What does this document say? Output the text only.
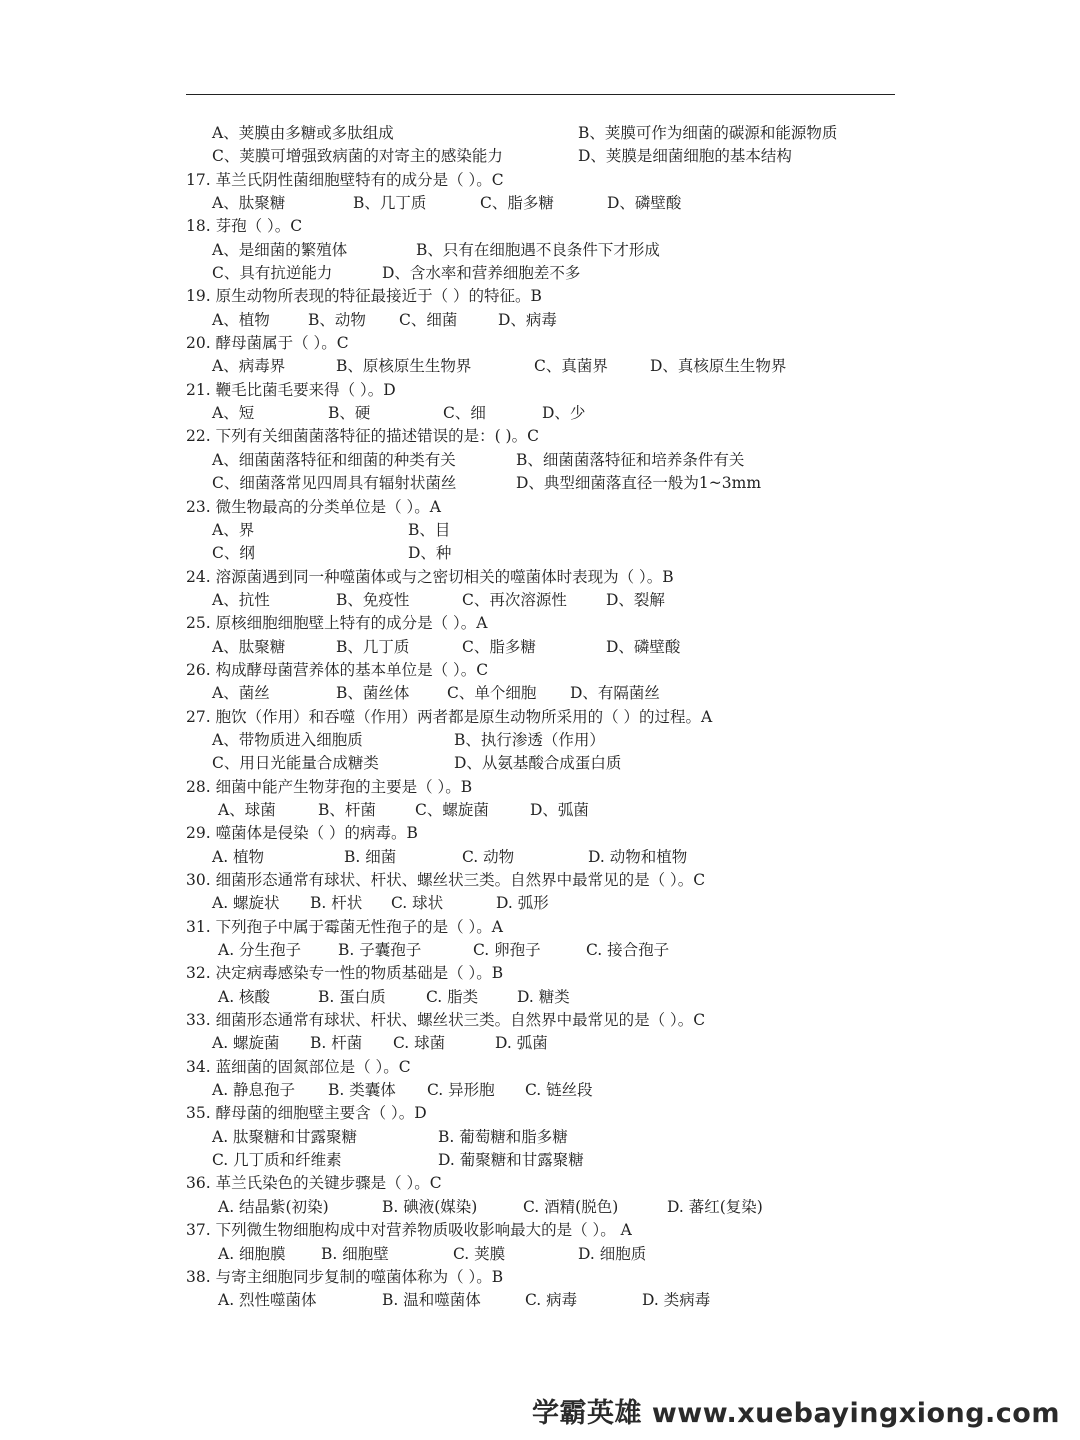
A、荚膜由多糖或多肽组成	B、荚膜可作为细菌的碳源和能源物质
C、荚膜可增强致病菌的对寄主的感染能力	D、荚膜是细菌细胞的基本结构
17. 革兰氏阴性菌细胞壁特有的成分是（ ）。C
A、肽聚糖	B、几丁质	C、脂多糖	D、磷壁酸
18. 芽孢（ ）。C
A、是细菌的繁殖体	B、只有在细胞遇不良条件下才形成
C、具有抗逆能力	D、含水率和营养细胞差不多
19. 原生动物所表现的特征最接近于（ ）的特征。B
A、植物 B、动物 C、细菌	D、病毒
20. 酵母菌属于（ ）。C
A、病毒界	B、原核原生生物界	C、真菌界	D、真核原生生物界
21. 鞭毛比菌毛要来得（ ）。D
A、短	B、硬	C、细	D、少
22. 下列有关细菌菌落特征的描述错误的是：( )。C
A、细菌菌落特征和细菌的种类有关	B、细菌菌落特征和培养条件有关
C、细菌落常见四周具有辐射状菌丝	D、典型细菌落直径一般为1~3mm
23. 微生物最高的分类单位是（ ）。A
A、界	B、目
C、纲	D、种
24. 溶源菌遇到同一种噬菌体或与之密切相关的噬菌体时表现为（ ）。B
A、抗性	B、免疫性	C、再次溶源性	D、裂解
25. 原核细胞细胞壁上特有的成分是（ ）。A
A、肽聚糖	B、几丁质	C、脂多糖	D、磷壁酸
26. 构成酵母菌营养体的基本单位是（ ）。C
A、菌丝	B、菌丝体 C、单个细胞 D、有隔菌丝
27. 胞饮（作用）和吞噬（作用）两者都是原生动物所采用的（ ）的过程。A
A、带物质进入细胞质	B、执行渗透（作用）
C、用日光能量合成糖类	D、从氨基酸合成蛋白质
28. 细菌中能产生物芽孢的主要是（ ）。B
A、球菌	B、杆菌	C、螺旋菌	D、弧菌
29. 噬菌体是侵染（ ）的病毒。B
A. 植物	B. 细菌	C. 动物	D. 动物和植物
30. 细菌形态通常有球状、杆状、螺丝状三类。自然界中最常见的是（ ）。C
A. 螺旋状 B. 杆状 C. 球状	D. 弧形
31. 下列孢子中属于霉菌无性孢子的是（ ）。A
A. 分生孢子 B. 子囊孢子	C. 卵孢子	C. 接合孢子
32. 决定病毒感染专一性的物质基础是（ ）。B
A. 核酸	B. 蛋白质	C. 脂类	D. 糖类
33. 细菌形态通常有球状、杆状、螺丝状三类。自然界中最常见的是（ ）。C
A. 螺旋菌 B. 杆菌 C. 球菌	D. 弧菌
34. 蓝细菌的固氮部位是（ ）。C
A. 静息孢子 B. 类囊体 C. 异形胞 C. 链丝段
35. 酵母菌的细胞壁主要含（ ）。D
A. 肽聚糖和甘露聚糖	B. 葡萄糖和脂多糖
C. 几丁质和纤维素	D. 葡聚糖和甘露聚糖
36. 革兰氏染色的关键步骤是（ ）。C
A. 结晶紫(初染)	B. 碘液(媒染)	C. 酒精(脱色)	D. 蕃红(复染)
37. 下列微生物细胞构成中对营养物质吸收影响最大的是（ ）。 A
A. 细胞膜 B. 细胞壁	C. 荚膜	D. 细胞质
38. 与寄主细胞同步复制的噬菌体称为（ ）。B
A. 烈性噬菌体	B. 温和噬菌体	C. 病毒	D. 类病毒
学霸英雄 www.xuebayingxiong.com
